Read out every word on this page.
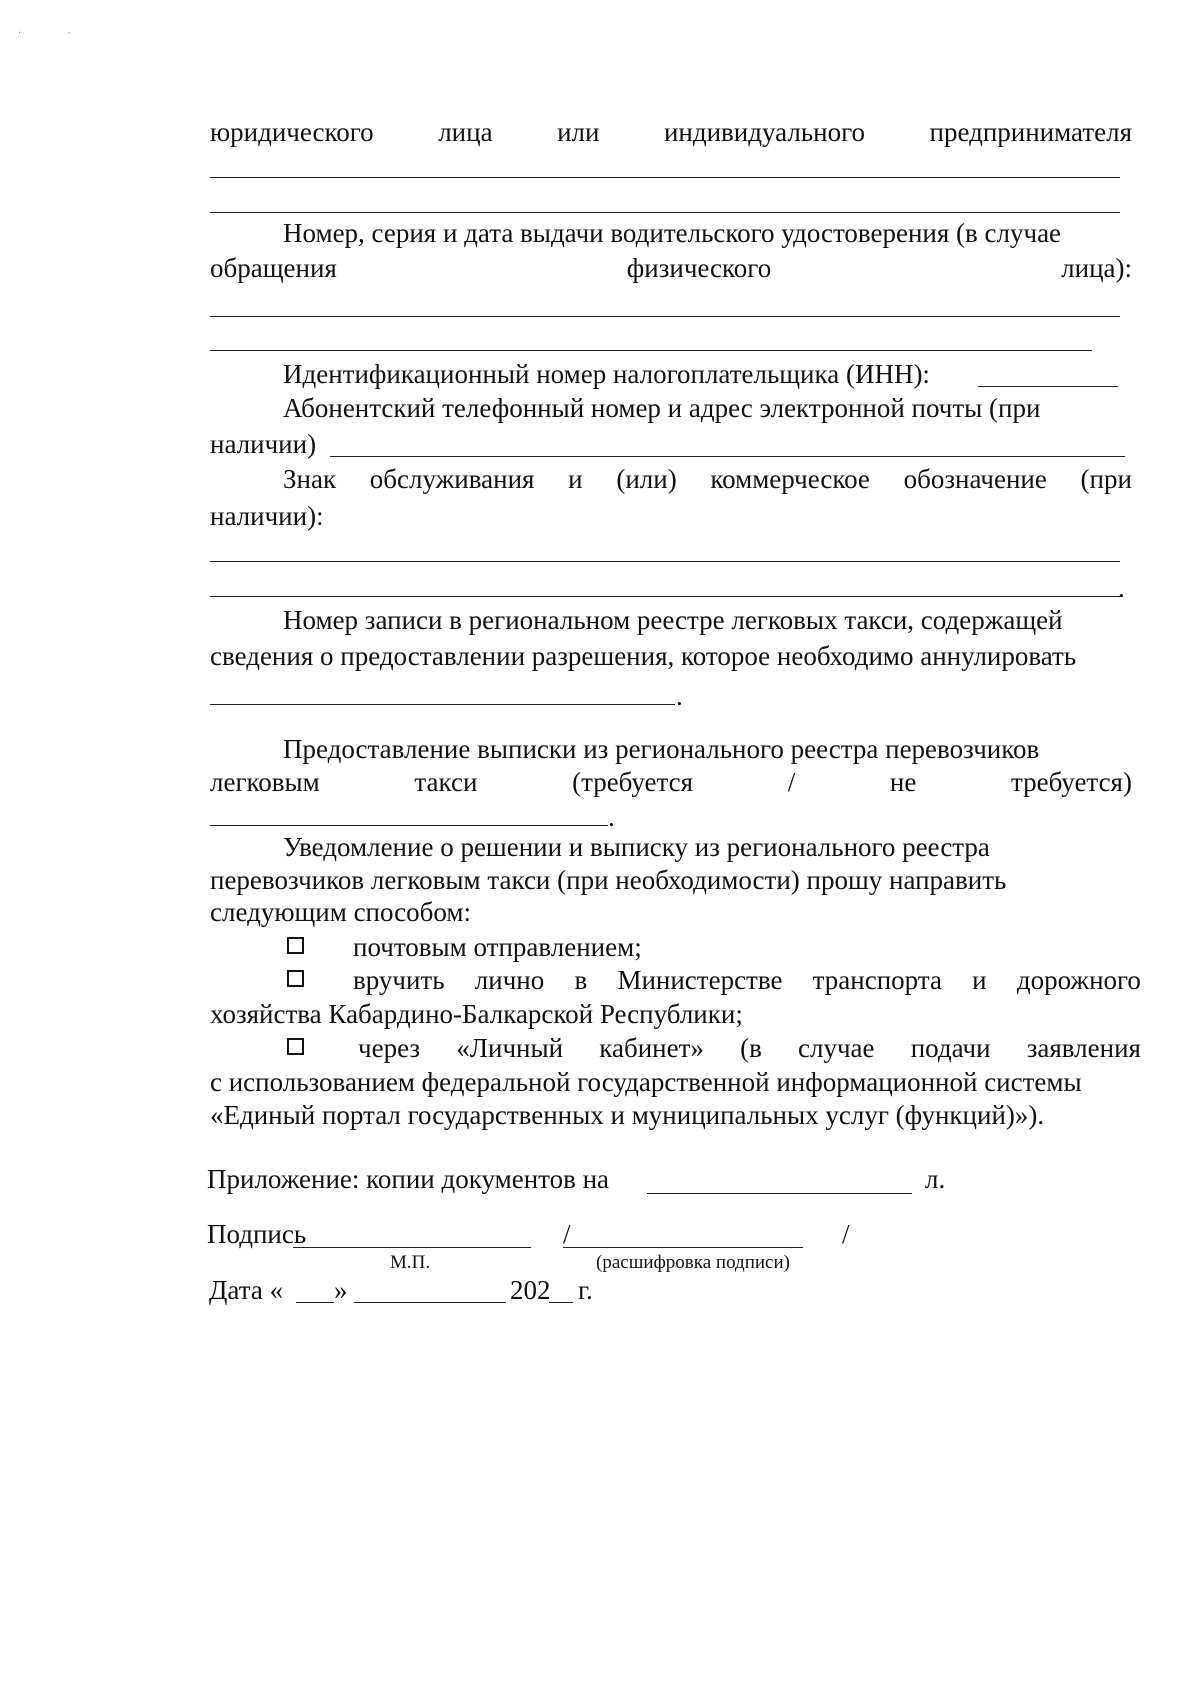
·	′
юридического лица или индивидуального предпринимателя
Номер, серия и дата выдачи водительского удостоверения (в случае
обращения	физического	лица):
Идентификационный номер налогоплательщика (ИНН):
Абонентский телефонный номер и адрес электронной почты (при
наличии)
Знак обслуживания и (или) коммерческое обозначение (при
наличии):
.
Номер записи в региональном реестре легковых такси, содержащей
сведения о предоставлении разрешения, которое необходимо аннулировать
.
Предоставление выписки из регионального реестра перевозчиков
легковым	такси	(требуется	/	не	требуется)
.
Уведомление о решении и выписку из регионального реестра
перевозчиков легковым такси (при необходимости) прошу направить
следующим способом:
почтовым отправлением;
вручить лично в Министерстве транспорта и дорожного
хозяйства Кабардино-Балкарской Республики;
через «Личный кабинет» (в случае подачи заявления
с использованием федеральной государственной информационной системы
«Единый портал государственных и муниципальных услуг (функций)»).
Приложение: копии документов на	л.
Подпись	/	/
М.П.	(расшифровка подписи)
Дата « »	202 г.
